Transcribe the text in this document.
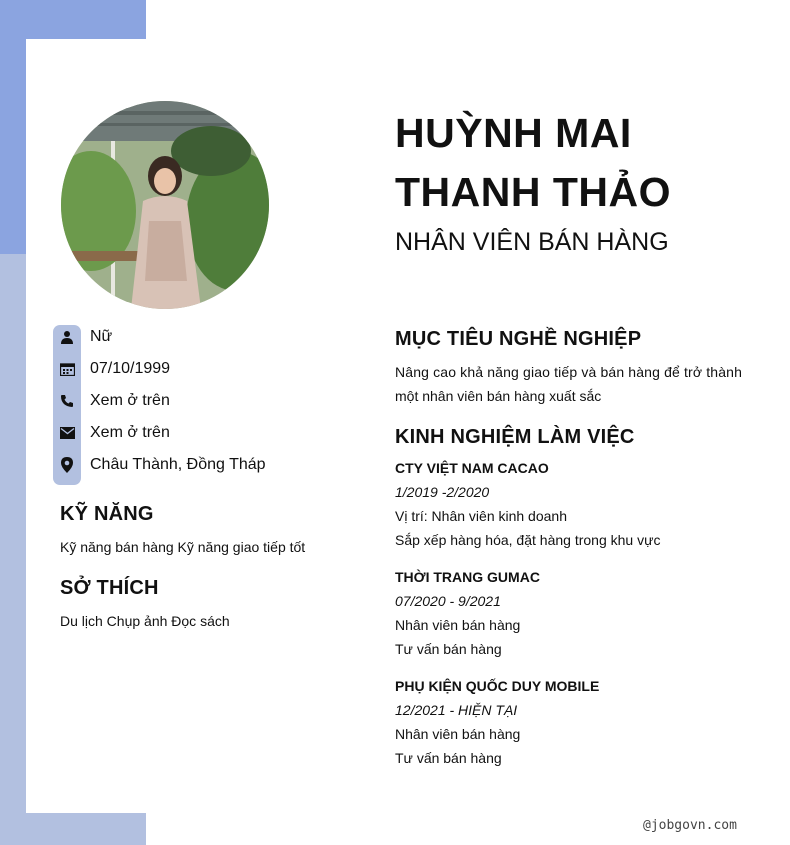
HUỲNH MAI
THANH THẢO

NHÂN VIÊN BÁN HÀNG

Nữ
07/10/1999
Xem ở trên
Xem ở trên
Châu Thành, Đồng Tháp
KỸ NĂNG

Kỹ năng bán hàng Kỹ năng giao tiếp tốt

SỞ THÍCH

Du lịch Chụp ảnh Đọc sách

MỤC TIÊU NGHỀ NGHIỆP
Nâng cao khả năng giao tiếp và bán hàng để trở thành
một nhân viên bán hàng xuất sắc
KINH NGHIỆM LÀM VIỆC
CTY VIỆT NAM CACAO
1/2019 -2/2020
Vị trí: Nhân viên kinh doanh
Sắp xếp hàng hóa, đặt hàng trong khu vực
THỜI TRANG GUMAC
07/2020 - 9/2021
Nhân viên bán hàng
Tư vấn bán hàng
PHỤ KIỆN QUỐC DUY MOBILE
12/2021 - HIỆN TẠI
Nhân viên bán hàng
Tư vấn bán hàng
@jobgovn.com
